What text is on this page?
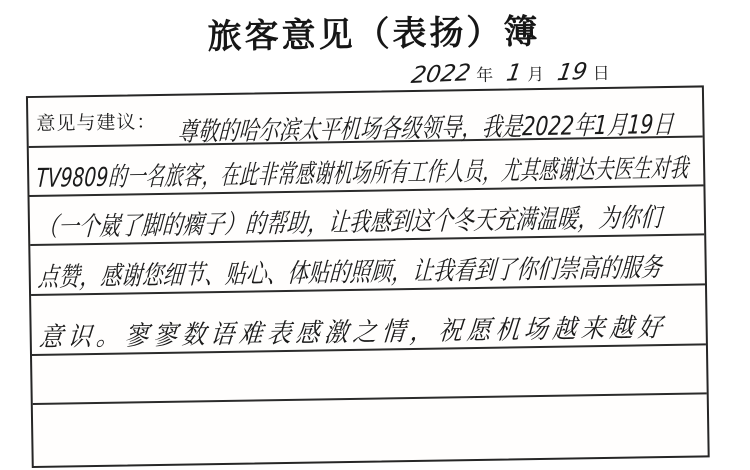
旅客意见（表扬）簿
2022 年 1 月 19 日
意见与建议： 尊敬的哈尔滨太平机场各级领导，我是2022年1月19日
TV9809的一名旅客，在此非常感谢机场所有工作人员，尤其感谢达夫医生对我
（一个崴了脚的瘸子）的帮助，让我感到这个冬天充满温暖，为你们
点赞，感谢您细节、贴心、体贴的照顾，让我看到了你们崇高的服务
意识。寥寥数语难表感激之情，祝愿机场越来越好
